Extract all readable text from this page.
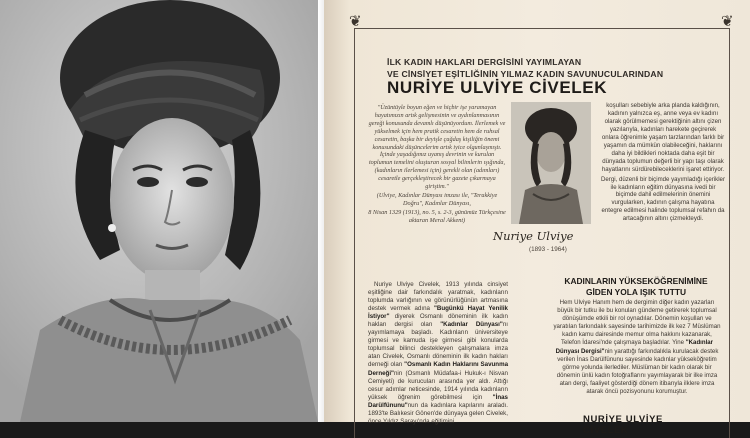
❦	❦
İLK KADIN HAKLARI DERGİSİNİ YAYIMLAYAN
VE CİNSİYET EŞİTLİĞİNİN YILMAZ KADIN SAVUNUCULARINDAN
NURİYE ULVİYE CİVELEK

"Üzüntüyle boyun eğen ve hiçbir işe yaramayan hayatımızın artık gelişmesinin ve aydınlanmasının gereği konusunda devamlı düşünüyordum. İlerlemek ve yükselmek için hem pratik cesaretin hem de ruhsal cesaretin, başka bir deyişle çağdaş kişiliğin önemi konusundaki düşüncelerim artık iyice olgunlaşmıştı. İçinde yaşadığımız uyanış devrinin ve kurulan toplumun temelini oluşturan sosyal bilimlerin ışığında, (kadınların ilerlemesi için) gerekli olan (adımları) cesaretle gerçekleştirecek bir gazete çıkarmaya giriştim."

(Ulviye, Kadınlar Dünyası imzası ile, "Terakkiye Doğru", Kadınlar Dünyası,

8 Nisan 1329 (1913), no. 5, s. 2-3, günümüz Türkçesine aktaran Meral Akkent)

Nuriye Ulviye Civelek, 1913 yılında cinsiyet eşitliğine dair farkındalık yaratmak, kadınların toplumda varlığının ve görünürlüğünün artmasına destek vermek adına "Bugünkü Hayat Yenilik İstiyor" diyerek Osmanlı döneminin ilk kadın hakları dergisi olan "Kadınlar Dünyası"nı yayımlamaya başladı. Kadınların üniversiteye girmesi ve kamuda işe girmesi gibi konularda toplumsal bilinci destekleyen çalışmalara imza atan Civelek, Osmanlı döneminin ilk kadın hakları derneği olan "Osmanlı Kadın Haklarını Savunma Derneği"nin (Osmanlı Müdafaa-i Hukuk-ı Nisvan Cemiyeti) de kurucuları arasında yer aldı. Attığı cesur adımlar neticesinde, 1914 yılında kadınların yüksek öğrenim görebilmesi için "İnas Darülfünunu"nun da kadınlara kapılarını araladı. 1893'te Balıkesir Gönen'de dünyaya gelen Civelek, önce Yıldız Sarayı'nda eğitimini
Nuriye Ulviye
(1893 - 1964)

koşulları sebebiyle arka planda kaldığının, kadının yalnızca eş, anne veya ev kadını olarak görülmemesi gerektiğinin altını çizen yazılarıyla, kadınları harekete geçirerek onlara öğrenimle yaşam tarzlarından farklı bir yaşamın da mümkün olabileceğini, haklarını daha iyi bildikleri noktada daha eşit bir dünyada toplumun değerli bir yapı taşı olarak hayatlarını sürdürebileceklerini işaret ettiriyor.

Dergi, düzenli bir biçimde yayımladığı içerikler ile kadınların eğitim dünyasına ivedi bir biçimde dahil edilmelerinin önemini vurgularken, kadının çalışma hayatına entegre edilmesi halinde toplumsal refahın da artacağının altını çizmekteydi.

KADINLARIN YÜKSEKÖĞRENİMİNE
GİDEN YOLA IŞIK TUTTU
Hem Ulviye Hanım hem de dergimin diğer kadın yazarları büyük bir tutku ile bu konuları gündeme getirerek toplumsal dönüşümde etkili bir rol oynadılar. Dönemin koşulları ve yaratılan farkındalık sayesinde tarihimizde ilk kez 7 Müslüman kadın kamu dairesinde memur olma hakkını kazanarak, Telefon İdaresi'nde çalışmaya başladılar. Yine "Kadınlar Dünyası Dergisi"nin yarattığı farkındalıkla kurulacak destek verilen İnas Darülfünunu sayesinde kadınlar yükseköğretim görme yolunda ilerlediler. Müslüman bir kadın olarak bir dönemin ünlü kadın fotoğraflarını yayımlayarak bir ilke imza atan dergi, faaliyet gösterdiği dönem itibarıyla ilklere imza atarak öncü pozisyonunu korumuştur.
NURİYE ULVİYE CİVELEK
